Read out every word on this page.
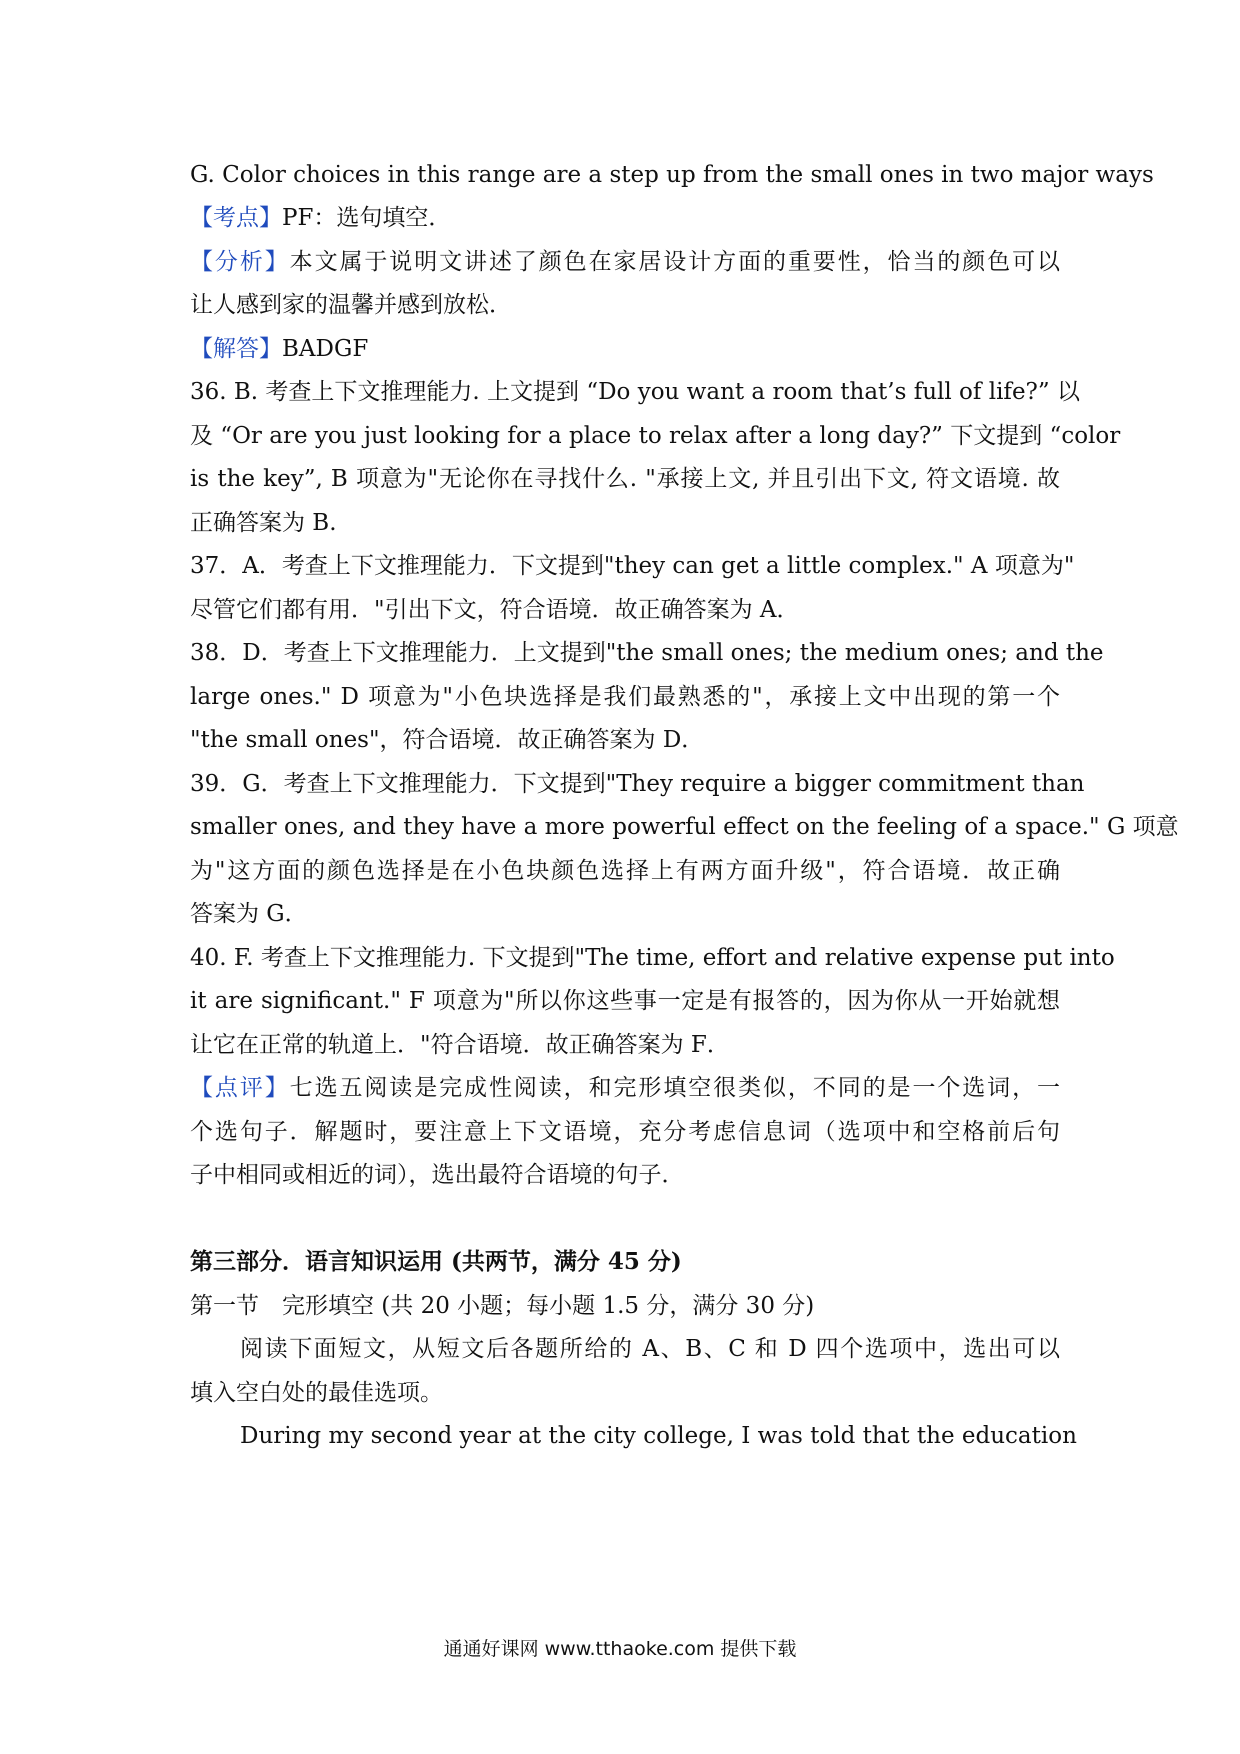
G. Color choices in this range are a step up from the small ones in two major ways
【考点】PF：选句填空．
【分析】本文属于说明文讲述了颜色在家居设计方面的重要性，恰当的颜色可以
让人感到家的温馨并感到放松．
【解答】BADGF
36. B. 考查上下文推理能力. 上文提到 “Do you want a room that’s full of life?” 以
及 “Or are you just looking for a place to relax after a long day?” 下文提到 “color
is the key”, B 项意为"无论你在寻找什么. "承接上文, 并且引出下文, 符文语境. 故
正确答案为 B.
37．A．考查上下文推理能力．下文提到"they can get a little complex." A 项意为"
尽管它们都有用．"引出下文，符合语境．故正确答案为 A．
38．D．考查上下文推理能力．上文提到"the small ones; the medium ones; and the
large ones." D 项意为"小色块选择是我们最熟悉的"，承接上文中出现的第一个
"the small ones"，符合语境．故正确答案为 D．
39．G．考查上下文推理能力．下文提到"They require a bigger commitment than
smaller ones, and they have a more powerful effect on the feeling of a space." G 项意
为"这方面的颜色选择是在小色块颜色选择上有两方面升级"，符合语境．故正确
答案为 G．
40. F. 考查上下文推理能力. 下文提到"The time, effort and relative expense put into
it are significant." F 项意为"所以你这些事一定是有报答的，因为你从一开始就想
让它在正常的轨道上．"符合语境．故正确答案为 F．
【点评】七选五阅读是完成性阅读，和完形填空很类似，不同的是一个选词，一
个选句子．解题时，要注意上下文语境，充分考虑信息词（选项中和空格前后句
子中相同或相近的词），选出最符合语境的句子．
第三部分．语言知识运用 (共两节，满分 45 分)
第一节　完形填空 (共 20 小题；每小题 1.5 分，满分 30 分)
阅读下面短文，从短文后各题所给的 A、B、C 和 D 四个选项中，选出可以
填入空白处的最佳选项。
During my second year at the city college, I was told that the education
通通好课网 www.tthaoke.com 提供下载
